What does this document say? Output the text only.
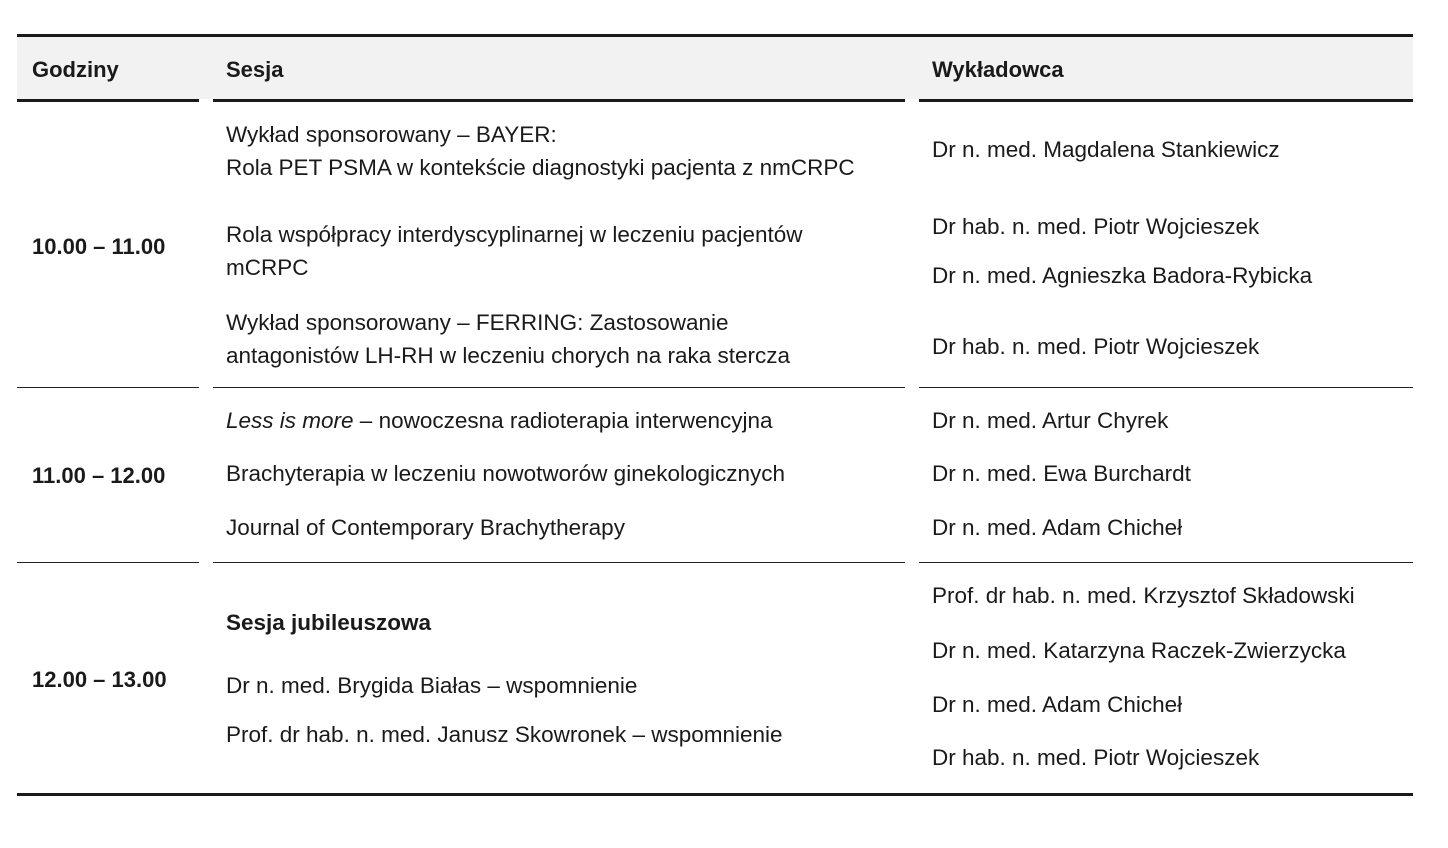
Godziny	Sesja	Wykładowca
10.00 – 11.00
Wykład sponsorowany – BAYER:
Rola PET PSMA w kontekście diagnostyki pacjenta z nmCRPC
Rola współpracy interdyscyplinarnej w leczeniu pacjentów
mCRPC
Wykład sponsorowany – FERRING: Zastosowanie
antagonistów LH-RH w leczeniu chorych na raka stercza
Dr n. med. Magdalena Stankiewicz
Dr hab. n. med. Piotr Wojcieszek
Dr n. med. Agnieszka Badora-Rybicka
Dr hab. n. med. Piotr Wojcieszek
11.00 – 12.00
Less is more – nowoczesna radioterapia interwencyjna
Brachyterapia w leczeniu nowotworów ginekologicznych
Journal of Contemporary Brachytherapy
Dr n. med. Artur Chyrek
Dr n. med. Ewa Burchardt
Dr n. med. Adam Chicheł
12.00 – 13.00
Sesja jubileuszowa
Dr n. med. Brygida Białas – wspomnienie
Prof. dr hab. n. med. Janusz Skowronek – wspomnienie
Prof. dr hab. n. med. Krzysztof Składowski
Dr n. med. Katarzyna Raczek-Zwierzycka
Dr n. med. Adam Chicheł
Dr hab. n. med. Piotr Wojcieszek
